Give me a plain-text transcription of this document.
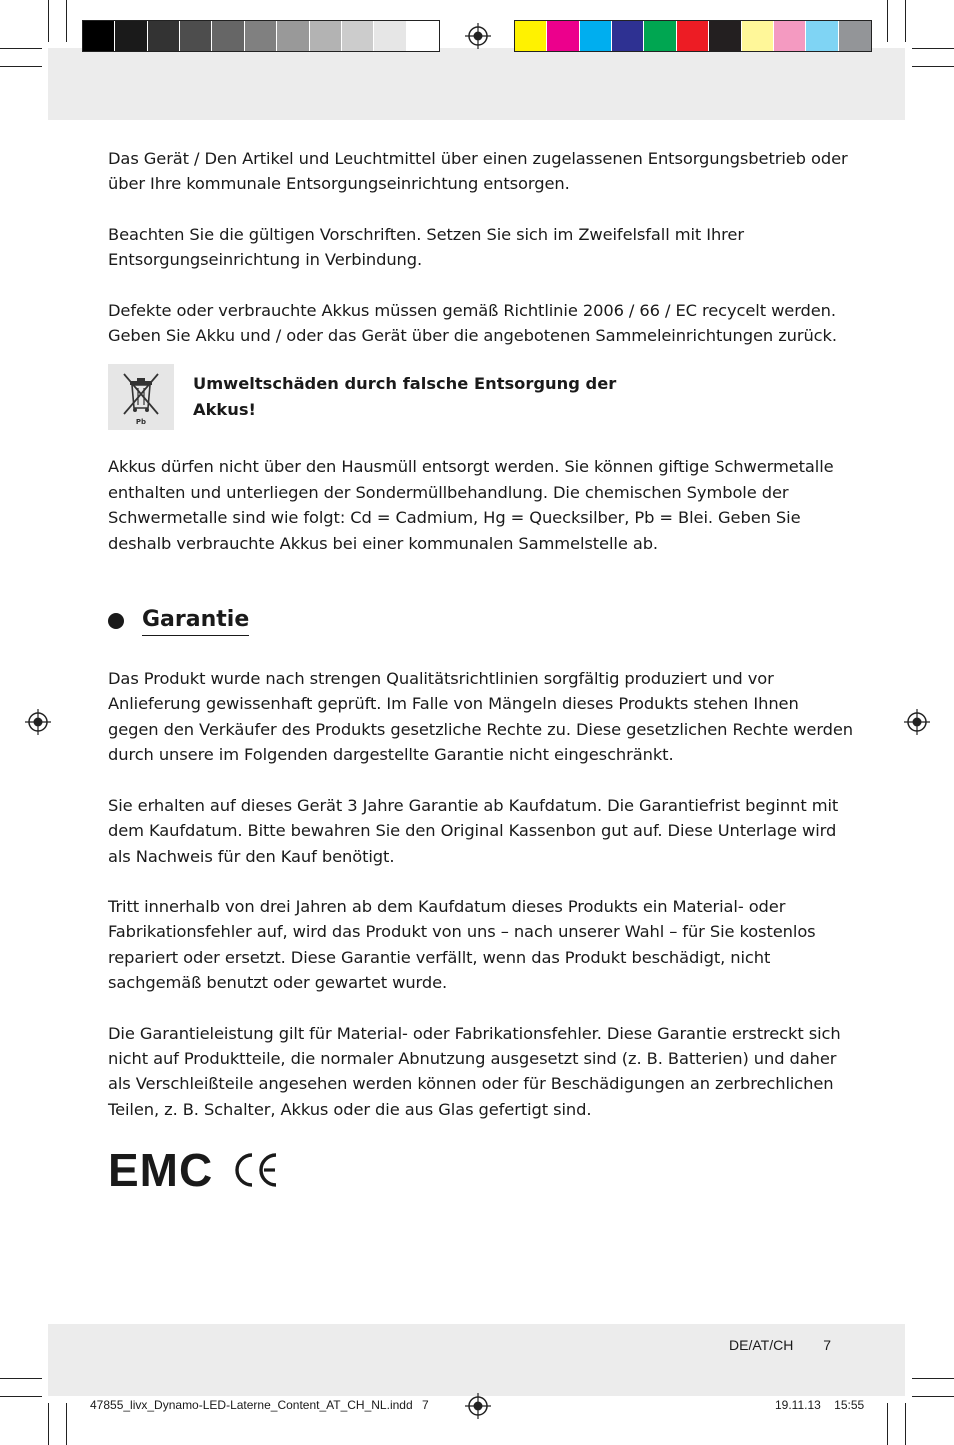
Das Gerät / Den Artikel und Leuchtmittel über einen zugelassenen Entsorgungsbetrieb oder über Ihre kommunale Entsorgungseinrichtung entsorgen.

Beachten Sie die gültigen Vorschriften. Setzen Sie sich im Zweifelsfall mit Ihrer Entsorgungseinrichtung in Verbindung.

Defekte oder verbrauchte Akkus müssen gemäß Richtlinie 2006 / 66 / EC recycelt werden. Geben Sie Akku und / oder das Gerät über die angebotenen Sammeleinrichtungen zurück.

Pb
Umweltschäden durch falsche Entsorgung der Akkus!

Akkus dürfen nicht über den Hausmüll entsorgt werden. Sie können giftige Schwermetalle enthalten und unterliegen der Sondermüllbehandlung. Die chemischen Symbole der Schwermetalle sind wie folgt: Cd = Cadmium, Hg = Quecksilber, Pb = Blei. Geben Sie deshalb verbrauchte Akkus bei einer kommunalen Sammelstelle ab.

Garantie

Das Produkt wurde nach strengen Qualitätsrichtlinien sorgfältig produziert und vor Anlieferung gewissenhaft geprüft. Im Falle von Mängeln dieses Produkts stehen Ihnen gegen den Verkäufer des Produkts gesetzliche Rechte zu. Diese gesetzlichen Rechte werden durch unsere im Folgenden dargestellte Garantie nicht eingeschränkt.

Sie erhalten auf dieses Gerät 3 Jahre Garantie ab Kaufdatum. Die Garantiefrist beginnt mit dem Kaufdatum. Bitte bewahren Sie den Original Kassenbon gut auf. Diese Unterlage wird als Nachweis für den Kauf benötigt.

Tritt innerhalb von drei Jahren ab dem Kaufdatum dieses Produkts ein Material- oder Fabrikationsfehler auf, wird das Produkt von uns – nach unserer Wahl – für Sie kostenlos repariert oder ersetzt. Diese Garantie verfällt, wenn das Produkt beschädigt, nicht sachgemäß benutzt oder gewartet wurde.

Die Garantieleistung gilt für Material- oder Fabrikationsfehler. Diese Garantie erstreckt sich nicht auf Produktteile, die normaler Abnutzung ausgesetzt sind (z. B. Batterien) und daher als Verschleißteile angesehen werden können oder für Beschädigungen an zerbrechlichen Teilen, z. B. Schalter, Akkus oder die aus Glas gefertigt sind.

EMC
DE/AT/CH 7
47855_livx_Dynamo-LED-Laterne_Content_AT_CH_NL.indd 7	19.11.13 15:55
